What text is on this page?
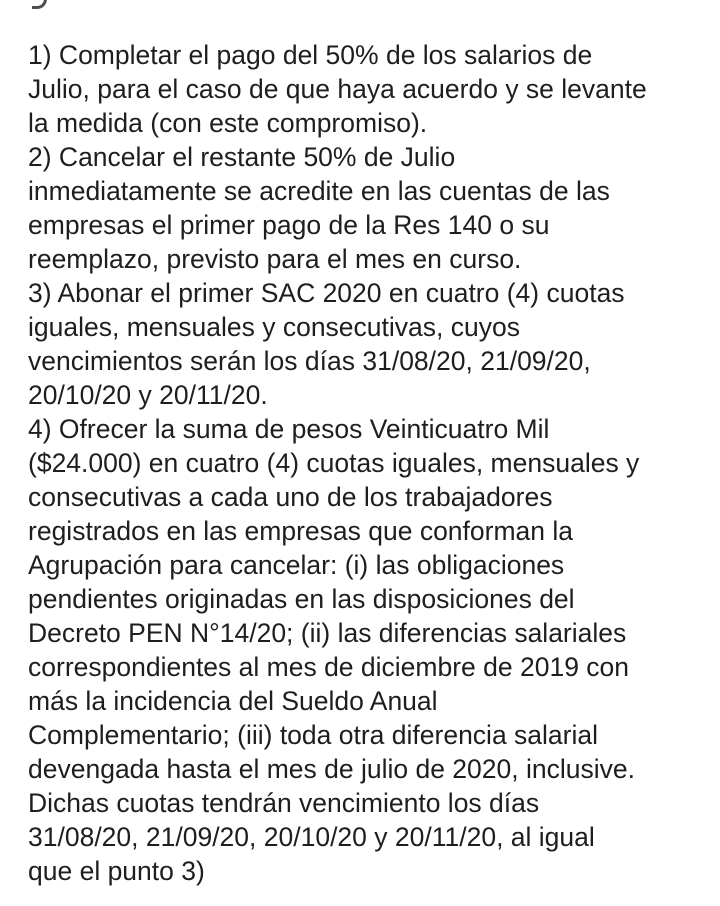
1) Completar el pago del 50% de los salarios de
Julio, para el caso de que haya acuerdo y se levante
la medida (con este compromiso).
2) Cancelar el restante 50% de Julio
inmediatamente se acredite en las cuentas de las
empresas el primer pago de la Res 140 o su
reemplazo, previsto para el mes en curso.
3) Abonar el primer SAC 2020 en cuatro (4) cuotas
iguales, mensuales y consecutivas, cuyos
vencimientos serán los días 31/08/20, 21/09/20,
20/10/20 y 20/11/20.
4) Ofrecer la suma de pesos Veinticuatro Mil
($24.000) en cuatro (4) cuotas iguales, mensuales y
consecutivas a cada uno de los trabajadores
registrados en las empresas que conforman la
Agrupación para cancelar: (i) las obligaciones
pendientes originadas en las disposiciones del
Decreto PEN N°14/20; (ii) las diferencias salariales
correspondientes al mes de diciembre de 2019 con
más la incidencia del Sueldo Anual
Complementario; (iii) toda otra diferencia salarial
devengada hasta el mes de julio de 2020, inclusive.
Dichas cuotas tendrán vencimiento los días
31/08/20, 21/09/20, 20/10/20 y 20/11/20, al igual
que el punto 3)
